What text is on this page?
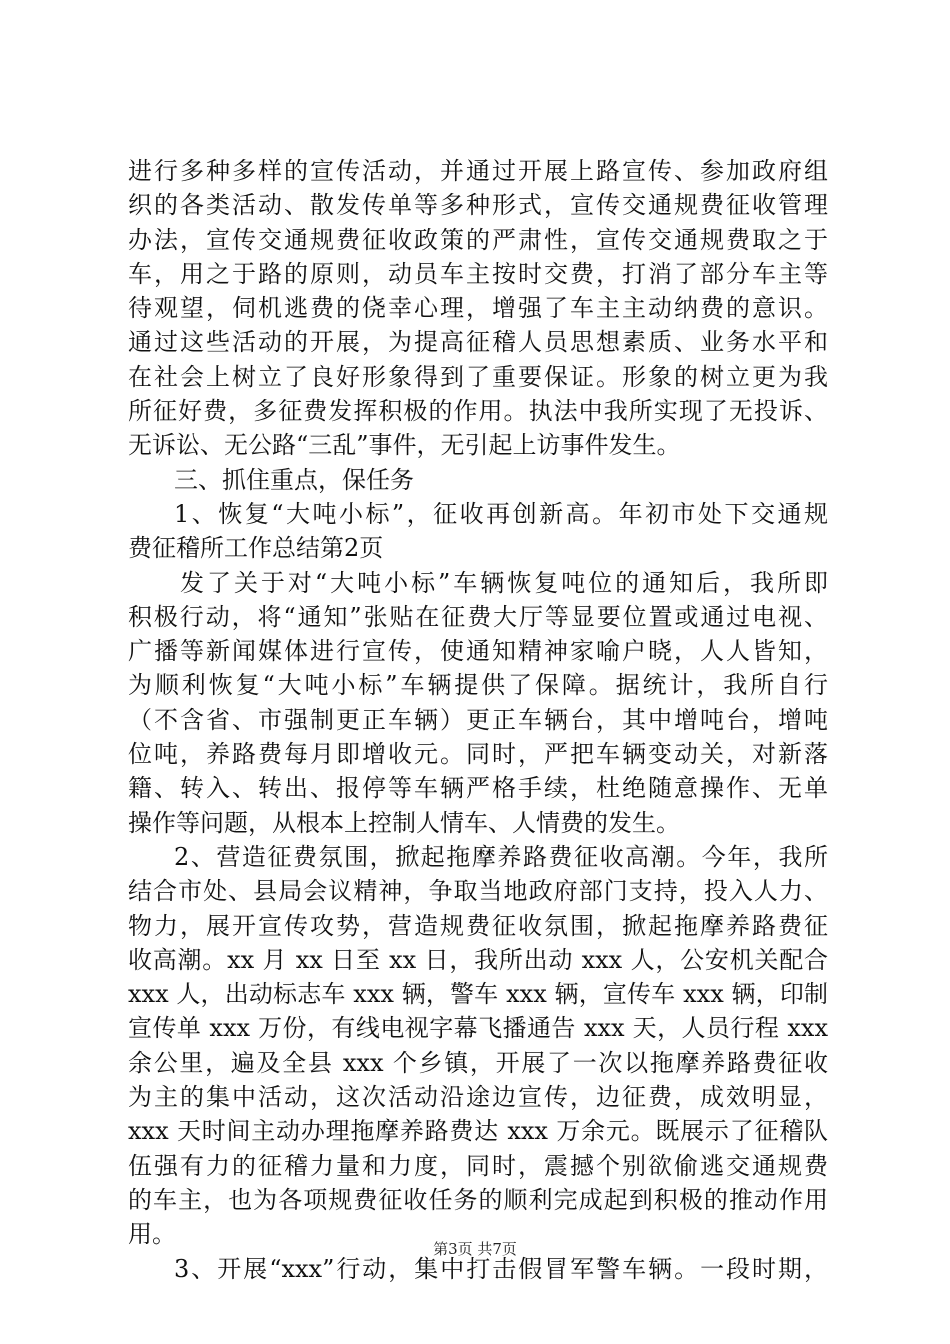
进行多种多样的宣传活动，并通过开展上路宣传、参加政府组
织的各类活动、散发传单等多种形式，宣传交通规费征收管理
办法，宣传交通规费征收政策的严肃性，宣传交通规费取之于
车，用之于路的原则，动员车主按时交费，打消了部分车主等
待观望，伺机逃费的侥幸心理，增强了车主主动纳费的意识。
通过这些活动的开展，为提高征稽人员思想素质、业务水平和
在社会上树立了良好形象得到了重要保证。形象的树立更为我
所征好费，多征费发挥积极的作用。执法中我所实现了无投诉、
无诉讼、无公路“三乱”事件，无引起上访事件发生。
三、抓住重点，保任务
1、恢复“大吨小标”，征收再创新高。年初市处下交通规
费征稽所工作总结第2页
发了关于对“大吨小标”车辆恢复吨位的通知后，我所即
积极行动，将“通知”张贴在征费大厅等显要位置或通过电视、
广播等新闻媒体进行宣传，使通知精神家喻户晓，人人皆知，
为顺利恢复“大吨小标”车辆提供了保障。据统计，我所自行
（不含省、市强制更正车辆）更正车辆台，其中增吨台，增吨
位吨，养路费每月即增收元。同时，严把车辆变动关，对新落
籍、转入、转出、报停等车辆严格手续，杜绝随意操作、无单
操作等问题，从根本上控制人情车、人情费的发生。
2、营造征费氛围，掀起拖摩养路费征收高潮。今年，我所
结合市处、县局会议精神，争取当地政府部门支持，投入人力、
物力，展开宣传攻势，营造规费征收氛围，掀起拖摩养路费征
收高潮。xx 月 xx 日至 xx 日，我所出动 xxx 人，公安机关配合
xxx 人，出动标志车 xxx 辆，警车 xxx 辆，宣传车 xxx 辆，印制
宣传单 xxx 万份，有线电视字幕飞播通告 xxx 天，人员行程 xxx
余公里，遍及全县 xxx 个乡镇，开展了一次以拖摩养路费征收
为主的集中活动，这次活动沿途边宣传，边征费，成效明显，
xxx 天时间主动办理拖摩养路费达 xxx 万余元。既展示了征稽队
伍强有力的征稽力量和力度，同时，震撼个别欲偷逃交通规费
的车主，也为各项规费征收任务的顺利完成起到积极的推动作用
用。
3、开展“xxx”行动，集中打击假冒军警车辆。一段时期，
第3页 共7页
